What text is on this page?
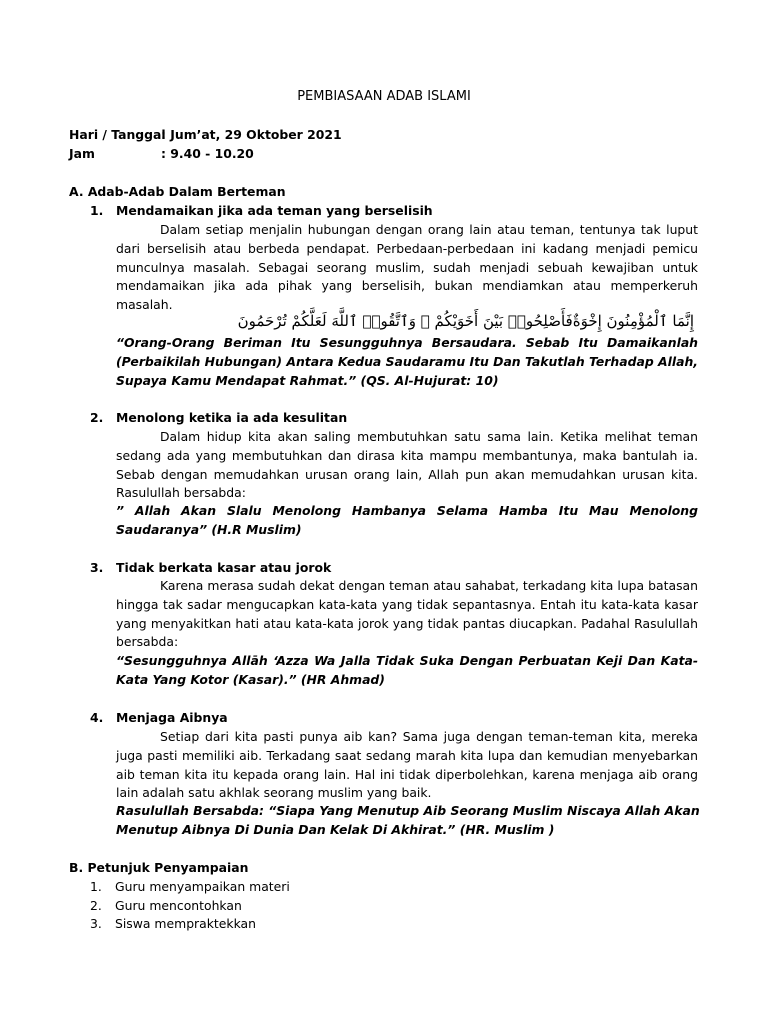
PEMBIASAAN ADAB ISLAMI
Hari / Tanggal
: Jum’at, 29 Oktober 2021
Jam	: 9.40 - 10.20
A. Adab-Adab Dalam Berteman
1. Mendamaikan jika ada teman yang berselisih
Dalam setiap menjalin hubungan dengan orang lain atau teman, tentunya tak luput dari berselisih atau berbeda pendapat. Perbedaan-perbedaan ini kadang menjadi pemicu munculnya masalah. Sebagai seorang muslim, sudah menjadi sebuah kewajiban untuk mendamaikan jika ada pihak yang berselisih, bukan mendiamkan atau memperkeruh masalah.
إِنَّمَا ٱلْمُؤْمِنُونَ إِخْوَةٌفَأَصْلِحُوا۟ بَيْنَ أَخَوَيْكُمْ ۚ وَٱتَّقُوا۟ ٱللَّهَ لَعَلَّكُمْ تُرْحَمُونَ
“Orang-Orang Beriman Itu Sesungguhnya Bersaudara. Sebab Itu Damaikanlah (Perbaikilah Hubungan) Antara Kedua Saudaramu Itu Dan Takutlah Terhadap Allah, Supaya Kamu Mendapat Rahmat.” (QS. Al-Hujurat: 10)
2. Menolong ketika ia ada kesulitan
Dalam hidup kita akan saling membutuhkan satu sama lain. Ketika melihat teman sedang ada yang membutuhkan dan dirasa kita mampu membantunya, maka bantulah ia. Sebab dengan memudahkan urusan orang lain, Allah pun akan memudahkan urusan kita. Rasulullah bersabda:
” Allah Akan Slalu Menolong Hambanya Selama Hamba Itu Mau Menolong Saudaranya” (H.R Muslim)
3. Tidak berkata kasar atau jorok
Karena merasa sudah dekat dengan teman atau sahabat, terkadang kita lupa batasan hingga tak sadar mengucapkan kata-kata yang tidak sepantasnya. Entah itu kata-kata kasar yang menyakitkan hati atau kata-kata jorok yang tidak pantas diucapkan. Padahal Rasulullah bersabda:
“Sesungguhnya Allāh ‘Azza Wa Jalla Tidak Suka Dengan Perbuatan Keji Dan Kata-Kata Yang Kotor (Kasar).” (HR Ahmad)
4. Menjaga Aibnya
Setiap dari kita pasti punya aib kan? Sama juga dengan teman-teman kita, mereka juga pasti memiliki aib. Terkadang saat sedang marah kita lupa dan kemudian menyebarkan aib teman kita itu kepada orang lain. Hal ini tidak diperbolehkan, karena menjaga aib orang lain adalah satu akhlak seorang muslim yang baik.
Rasulullah Bersabda: “Siapa Yang Menutup Aib Seorang Muslim Niscaya Allah Akan
Menutup Aibnya Di Dunia Dan Kelak Di Akhirat.” (HR. Muslim )
B. Petunjuk Penyampaian
1. Guru menyampaikan materi
2. Guru mencontohkan
3. Siswa mempraktekkan
